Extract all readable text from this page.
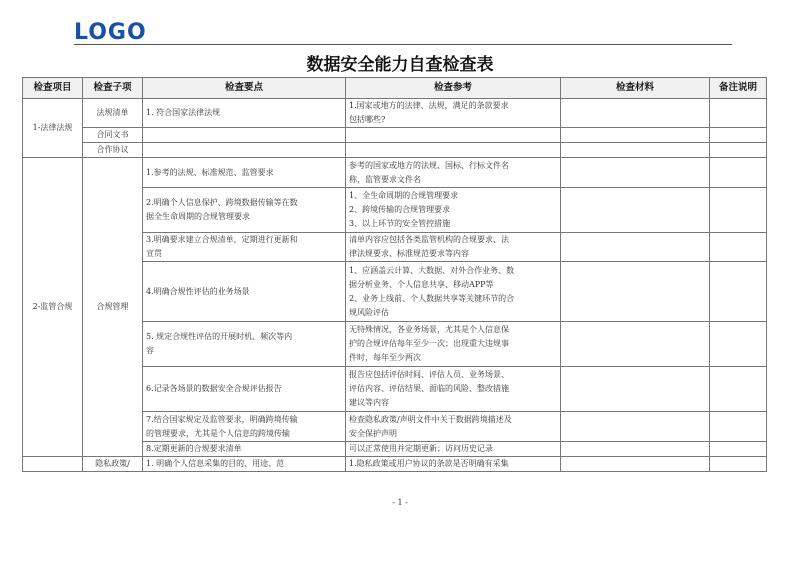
LOGO
数据安全能力自查检查表
检查项目	检查子项	检查要点	检查参考	检查材料	备注说明
1-法律法规	法规清单	1. 符合国家法律法规	1.国家或地方的法律、法规，满足的条款要求
包括哪些?		
	合同文书				
	合作协议				
2-监管合规	合规管理	1.参考的法规、标准规范、监管要求	参考的国家或地方的法规、国标、行标文件名
称，监管要求文件名		
		2.明确个人信息保护、跨境数据传输等在数
据全生命周期的合规管理要求	1、全生命周期的合规管理要求
2、跨境传输的合规管理要求
3、以上环节的安全管控措施		
		3.明确要求建立合规清单，定期进行更新和
宣贯	清单内容应包括各类监管机构的合规要求、法
律法规要求、标准规范要求等内容		
		4.明确合规性评估的业务场景	1、应涵盖云计算、大数据、对外合作业务、数
据分析业务、个人信息共享、移动APP等
2、业务上线前、个人数据共享等关键环节的合
规风险评估		
		5. 规定合规性评估的开展时机、频次等内
容	无特殊情况，各业务场景，尤其是个人信息保
护的合规评估每年至少一次；出现重大违规事
件时，每年至少两次		
		6.记录各场景的数据安全合规评估报告	报告应包括评估时间、评估人员、业务场景、
评估内容、评估结果、面临的风险、整改措施
建议等内容		
		7.结合国家规定及监管要求，明确跨境传输
的管理要求，尤其是个人信息的跨境传输	检查隐私政策/声明文件中关于数据跨境描述及
安全保护声明		
		8.定期更新的合规要求清单	可以正常使用并定期更新；访问历史记录		
	隐私政策/	1. 明确个人信息采集的目的、用途、范	1.隐私政策或用户协议的条款是否明确有采集		
- 1 -
